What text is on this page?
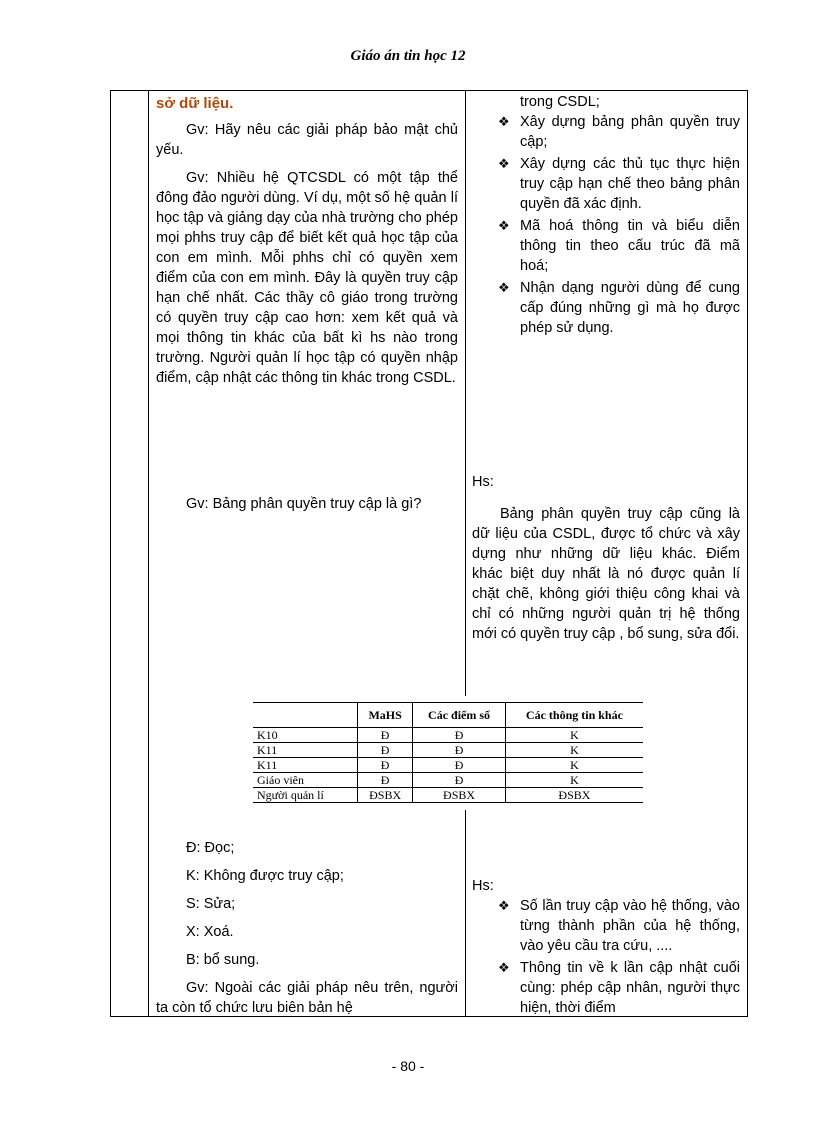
Giáo án tin học 12

sở dữ liệu.

Gv: Hãy nêu các giải pháp bảo mật chủ yếu.

Gv: Nhiều hệ QTCSDL có một tập thể đông đảo người dùng. Ví dụ, một số hệ quản lí học tập và giảng dạy của nhà trường cho phép mọi phhs truy cập để biết kết quả học tập của con em mình. Mỗi phhs chỉ có quyền xem điểm của con em mình. Đây là quyền truy cập hạn chế nhất. Các thầy cô giáo trong trường có quyền truy cập cao hơn: xem kết quả và mọi thông tin khác của bất kì hs nào trong trường. Người quản lí học tập có quyền nhập điểm, cập nhật các thông tin khác trong CSDL.

Gv: Bảng phân quyền truy cập là gì?

trong CSDL;
❖ Xây dựng bảng phân quyền truy cập;
❖ Xây dựng các thủ tục thực hiện truy cập hạn chế theo bảng phân quyền đã xác định.
❖ Mã hoá thông tin và biểu diễn thông tin theo cấu trúc đã mã hoá;
❖ Nhận dạng người dùng để cung cấp đúng những gì mà họ được phép sử dụng.
Hs:

Bảng phân quyền truy cập cũng là dữ liệu của CSDL, được tổ chức và xây dựng như những dữ liệu khác. Điểm khác biệt duy nhất là nó được quản lí chặt chẽ, không giới thiệu công khai và chỉ có những người quản trị hệ thống mới có quyền truy cập , bổ sung, sửa đổi.

	MaHS	Các điểm số	Các thông tin khác
K10	Đ	Đ	K
K11	Đ	Đ	K
K11	Đ	Đ	K
Giáo viên	Đ	Đ	K
Người quản lí	ĐSBX	ĐSBX	ĐSBX
Đ: Đọc;
K: Không được truy cập;
S: Sửa;
X: Xoá.
B: bổ sung.

Gv: Ngoài các giải pháp nêu trên, người ta còn tổ chức lưu biên bản hệ

Hs:
❖ Số lần truy cập vào hệ thống, vào từng thành phần của hệ thống, vào yêu cầu tra cứu, ....
❖ Thông tin về k lần cập nhật cuối cùng: phép cập nhân, người thực hiện, thời điểm
- 80 -
